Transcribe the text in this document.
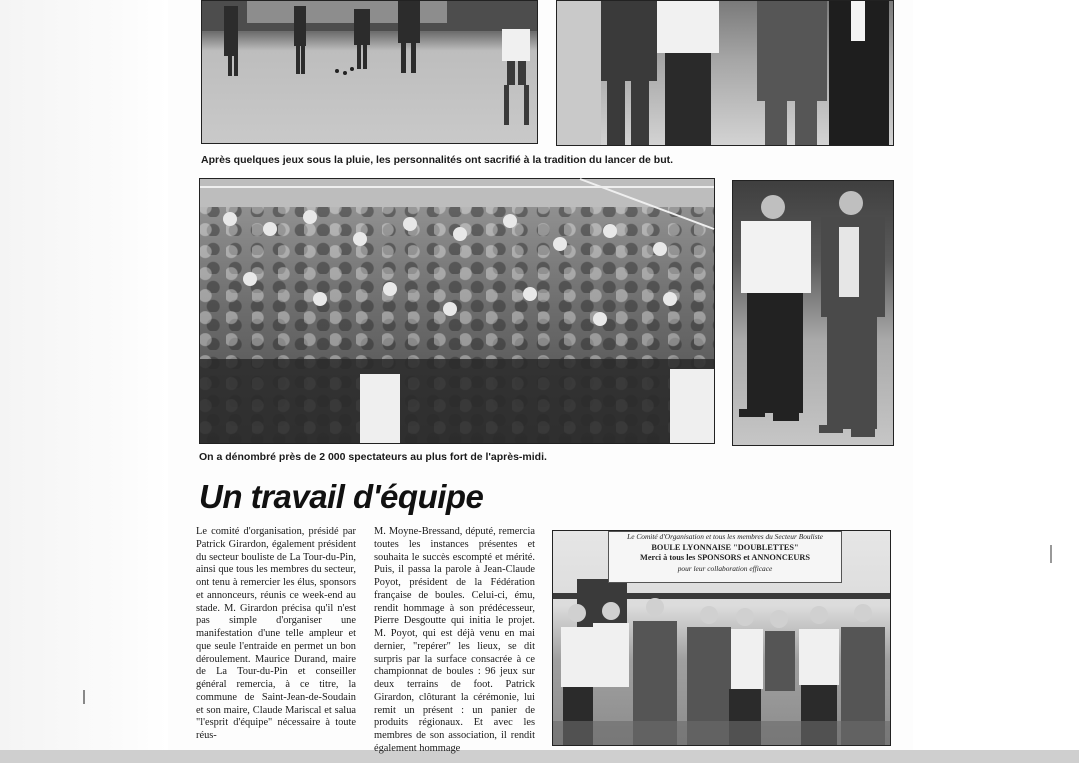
Après quelques jeux sous la pluie, les personnalités ont sacrifié à la tradition du lancer de but.

On a dénombré près de 2 000 spectateurs au plus fort de l'après-midi.

Un travail d'équipe

Le comité d'organisation, présidé par Patrick Girardon, également président du secteur bouliste de La Tour-du-Pin, ainsi que tous les membres du secteur, ont tenu à remercier les élus, sponsors et annonceurs, réunis ce week-end au stade. M. Girardon précisa qu'il n'est pas simple d'organiser une manifestation d'une telle ampleur et que seule l'entraide en permet un bon déroulement. Maurice Durand, maire de La Tour-du-Pin et conseiller général remercia, à ce titre, la commune de Saint-Jean-de-Soudain et son maire, Claude Mariscal et salua "l'esprit d'équipe" nécessaire à toute réus-

M. Moyne-Bressand, député, remercia toutes les instances présentes et souhaita le succès escompté et mérité. Puis, il passa la parole à Jean-Claude Poyot, président de la Fédération française de boules. Celui-ci, ému, rendit hommage à son prédécesseur, Pierre Desgoutte qui initia le projet. M. Poyot, qui est déjà venu en mai dernier, "repérer" les lieux, se dit surpris par la surface consacrée à ce championnat de boules : 96 jeux sur deux terrains de foot. Patrick Girardon, clôturant la cérémonie, lui remit un présent : un panier de produits régionaux. Et avec les membres de son association, il rendit également hommage

Le Comité d'Organisation et tous les membres du Secteur Bouliste
BOULE LYONNAISE "DOUBLETTES"
Merci à tous les SPONSORS et ANNONCEURS
pour leur collaboration efficace
